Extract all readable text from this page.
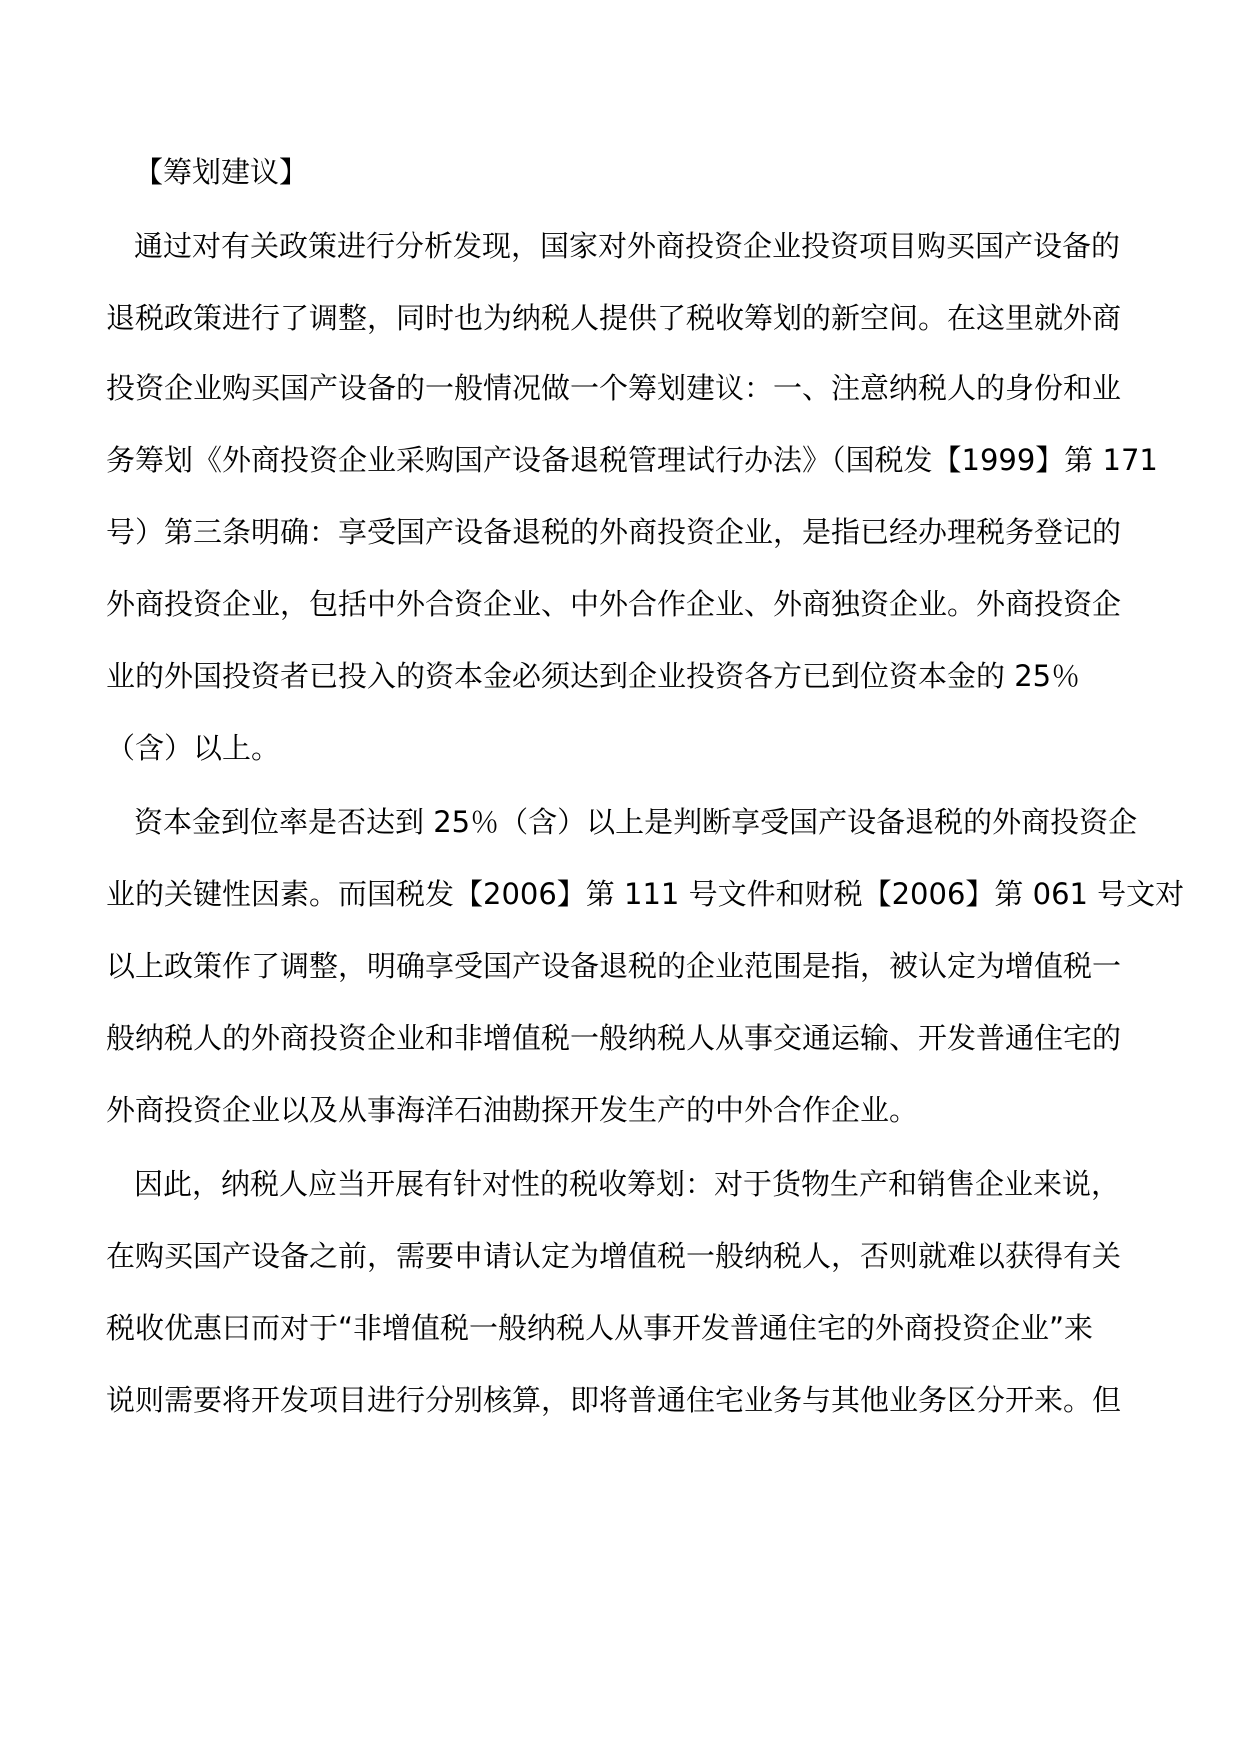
【筹划建议】
通过对有关政策进行分析发现，国家对外商投资企业投资项目购买国产设备的
退税政策进行了调整，同时也为纳税人提供了税收筹划的新空间。在这里就外商
投资企业购买国产设备的一般情况做一个筹划建议：一、注意纳税人的身份和业
务筹划《外商投资企业采购国产设备退税管理试行办法》（国税发【1999】第 171
号）第三条明确：享受国产设备退税的外商投资企业，是指已经办理税务登记的
外商投资企业，包括中外合资企业、中外合作企业、外商独资企业。外商投资企
业的外国投资者已投入的资本金必须达到企业投资各方已到位资本金的 25％
（含）以上。
资本金到位率是否达到 25％（含）以上是判断享受国产设备退税的外商投资企
业的关键性因素。而国税发【2006】第 111 号文件和财税【2006】第 061 号文对
以上政策作了调整，明确享受国产设备退税的企业范围是指，被认定为增值税一
般纳税人的外商投资企业和非增值税一般纳税人从事交通运输、开发普通住宅的
外商投资企业以及从事海洋石油勘探开发生产的中外合作企业。
因此，纳税人应当开展有针对性的税收筹划：对于货物生产和销售企业来说，
在购买国产设备之前，需要申请认定为增值税一般纳税人，否则就难以获得有关
税收优惠曰而对于“非增值税一般纳税人从事开发普通住宅的外商投资企业”来
说则需要将开发项目进行分别核算，即将普通住宅业务与其他业务区分开来。但
